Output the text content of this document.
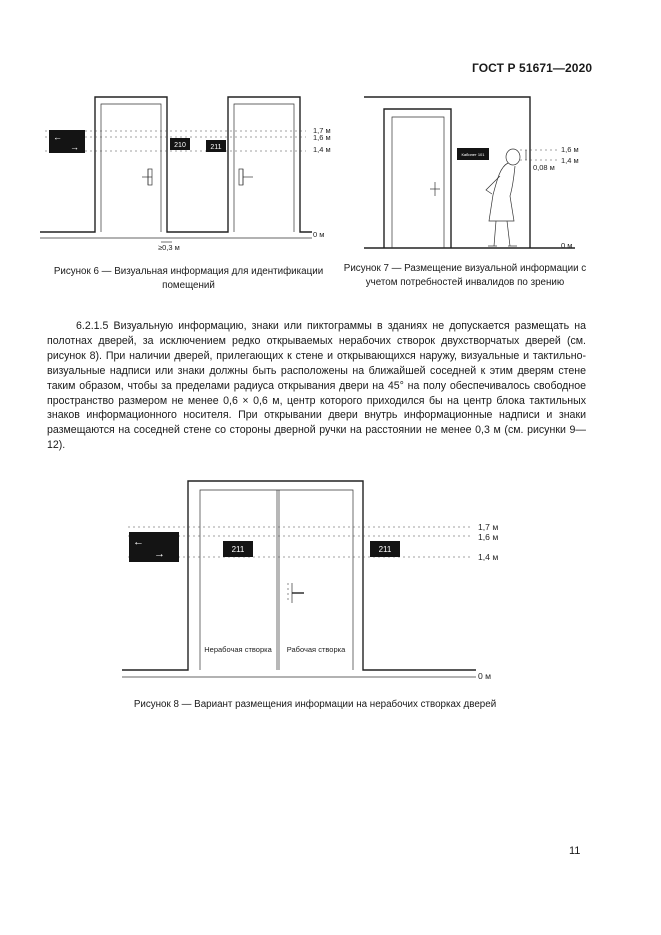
ГОСТ Р 51671—2020
←
→	210	211
≥0,3 м
1,7 м
1,6 м
1,4 м
0 м
Кабинет 101
1,6 м
1,4 м
0,08 м
0 м
←
→	211	211
Нерабочая створка Рабочая створка
1,7 м
1,6 м
1,4 м
0 м
Рисунок 6 — Визуальная информация для идентификации помещений
Рисунок 7 — Размещение визуальной информации с учетом потребностей инвалидов по зрению

6.2.1.5 Визуальную информацию, знаки или пиктограммы в зданиях не допускается размещать на полотнах дверей, за исключением редко открываемых нерабочих створок двухстворчатых дверей (см. рисунок 8). При наличии дверей, прилегающих к стене и открывающихся наружу, визуальные и тактильно-визуальные надписи или знаки должны быть расположены на ближайшей соседней к этим дверям стене таким образом, чтобы за пределами радиуса открывания двери на 45° на полу обеспечивалось свободное пространство размером не менее 0,6 × 0,6 м, центр которого приходился бы на центр блока тактильных знаков информационного носителя. При открывании двери внутрь информационные надписи и знаки размещаются на соседней стене со стороны дверной ручки на расстоянии не менее 0,3 м (см. рисунки 9—12).

Рисунок 8 — Вариант размещения информации на нерабочих створках дверей
11
